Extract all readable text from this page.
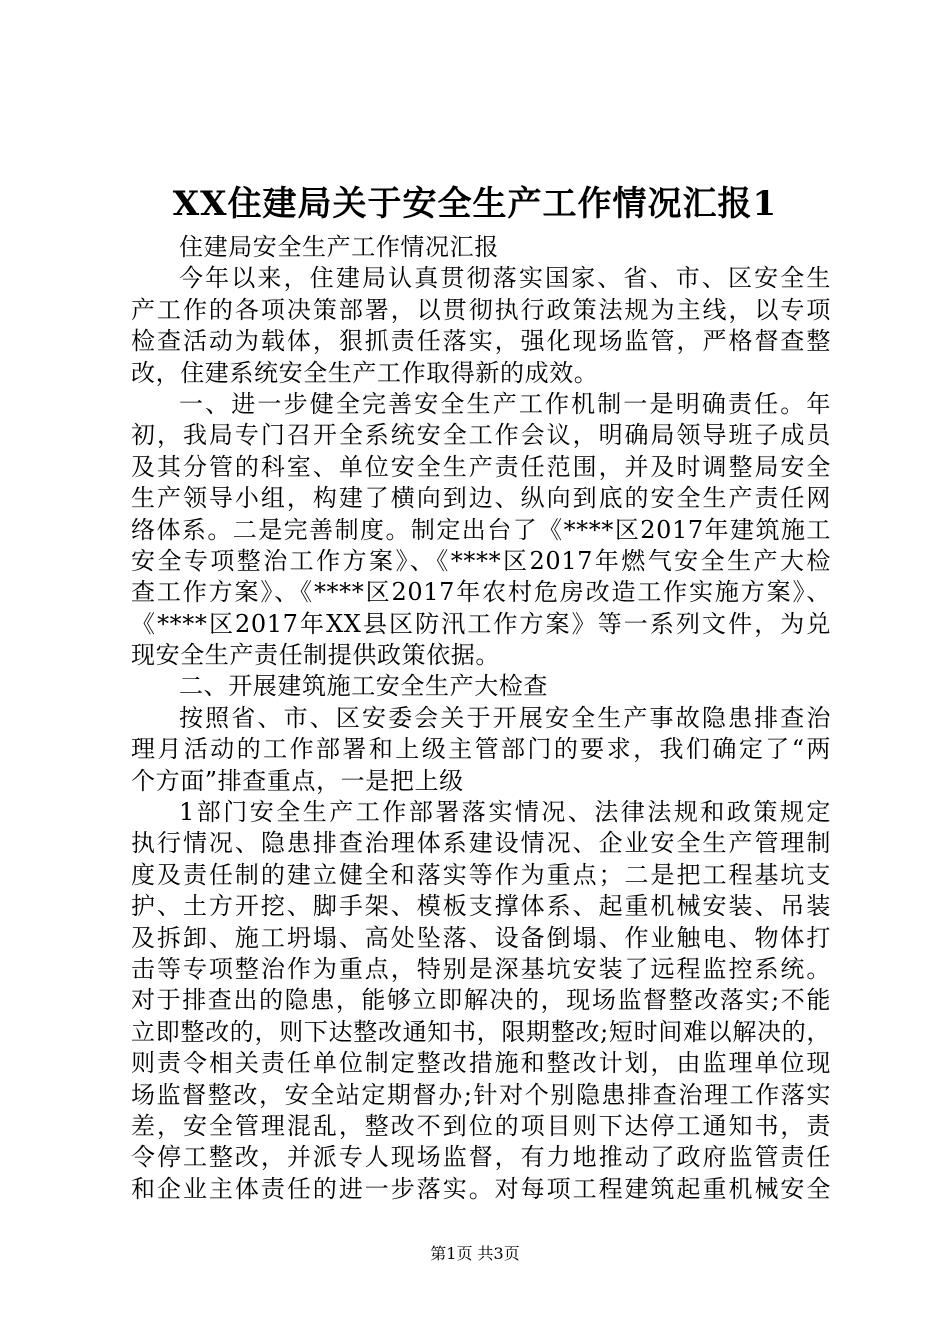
XX住建局关于安全生产工作情况汇报1
住建局安全生产工作情况汇报
今年以来，住建局认真贯彻落实国家、省、市、区安全生
产工作的各项决策部署，以贯彻执行政策法规为主线，以专项
检查活动为载体，狠抓责任落实，强化现场监管，严格督查整
改，住建系统安全生产工作取得新的成效。
一、进一步健全完善安全生产工作机制一是明确责任。年
初，我局专门召开全系统安全工作会议，明确局领导班子成员
及其分管的科室、单位安全生产责任范围，并及时调整局安全
生产领导小组，构建了横向到边、纵向到底的安全生产责任网
络体系。二是完善制度。制定出台了《****区2017年建筑施工
安全专项整治工作方案》、《****区2017年燃气安全生产大检
查工作方案》、《****区2017年农村危房改造工作实施方案》、
《****区2017年XX县区防汛工作方案》等一系列文件，为兑
现安全生产责任制提供政策依据。
二、开展建筑施工安全生产大检查
按照省、市、区安委会关于开展安全生产事故隐患排查治
理月活动的工作部署和上级主管部门的要求，我们确定了“两
个方面”排查重点，一是把上级
1部门安全生产工作部署落实情况、法律法规和政策规定
执行情况、隐患排查治理体系建设情况、企业安全生产管理制
度及责任制的建立健全和落实等作为重点；二是把工程基坑支
护、土方开挖、脚手架、模板支撑体系、起重机械安装、吊装
及拆卸、施工坍塌、高处坠落、设备倒塌、作业触电、物体打
击等专项整治作为重点，特别是深基坑安装了远程监控系统。
对于排查出的隐患，能够立即解决的，现场监督整改落实;不能
立即整改的，则下达整改通知书，限期整改;短时间难以解决的，
则责令相关责任单位制定整改措施和整改计划，由监理单位现
场监督整改，安全站定期督办;针对个别隐患排查治理工作落实
差，安全管理混乱，整改不到位的项目则下达停工通知书，责
令停工整改，并派专人现场监督，有力地推动了政府监管责任
和企业主体责任的进一步落实。对每项工程建筑起重机械安全
第1页 共3页
